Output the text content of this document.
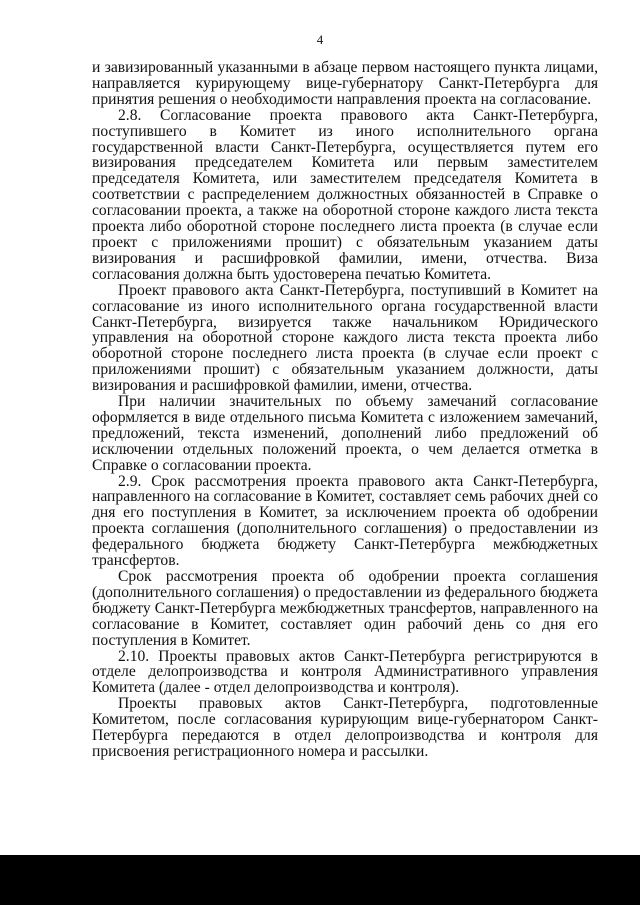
4

и завизированный указанными в абзаце первом настоящего пункта лицами, направляется курирующему вице-губернатору Санкт-Петербурга для принятия решения о необходимости направления проекта на согласование.

2.8. Согласование проекта правового акта Санкт-Петербурга, поступившего в Комитет из иного исполнительного органа государственной власти Санкт-Петербурга, осуществляется путем его визирования председателем Комитета или первым заместителем председателя Комитета, или заместителем председателя Комитета в соответствии с распределением должностных обязанностей в Справке о согласовании проекта, а также на оборотной стороне каждого листа текста проекта либо оборотной стороне последнего листа проекта (в случае если проект с приложениями прошит) с обязательным указанием даты визирования и расшифровкой фамилии, имени, отчества. Виза согласования должна быть удостоверена печатью Комитета.

Проект правового акта Санкт-Петербурга, поступивший в Комитет на согласование из иного исполнительного органа государственной власти Санкт-Петербурга, визируется также начальником Юридического управления на оборотной стороне каждого листа текста проекта либо оборотной стороне последнего листа проекта (в случае если проект с приложениями прошит) с обязательным указанием должности, даты визирования и расшифровкой фамилии, имени, отчества.

При наличии значительных по объему замечаний согласование оформляется в виде отдельного письма Комитета с изложением замечаний, предложений, текста изменений, дополнений либо предложений об исключении отдельных положений проекта, о чем делается отметка в Справке о согласовании проекта.

2.9. Срок рассмотрения проекта правового акта Санкт-Петербурга, направленного на согласование в Комитет, составляет семь рабочих дней со дня его поступления в Комитет, за исключением проекта об одобрении проекта соглашения (дополнительного соглашения) о предоставлении из федерального бюджета бюджету Санкт-Петербурга межбюджетных трансфертов.

Срок рассмотрения проекта об одобрении проекта соглашения (дополнительного соглашения) о предоставлении из федерального бюджета бюджету Санкт-Петербурга межбюджетных трансфертов, направленного на согласование в Комитет, составляет один рабочий день со дня его поступления в Комитет.

2.10. Проекты правовых актов Санкт-Петербурга регистрируются в отделе делопроизводства и контроля Административного управления Комитета (далее - отдел делопроизводства и контроля).

Проекты правовых актов Санкт-Петербурга, подготовленные Комитетом, после согласования курирующим вице-губернатором Санкт-Петербурга передаются в отдел делопроизводства и контроля для присвоения регистрационного номера и рассылки.
